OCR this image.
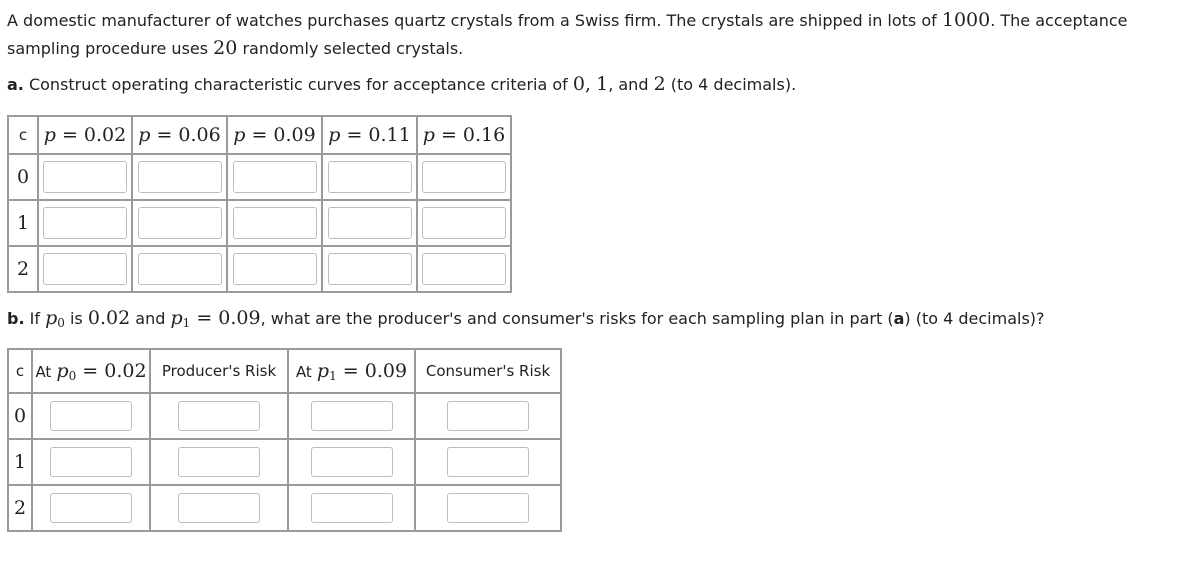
A domestic manufacturer of watches purchases quartz crystals from a Swiss firm. The crystals are shipped in lots of 1000. The acceptance
sampling procedure uses 20 randomly selected crystals.
a. Construct operating characteristic curves for acceptance criteria of 0, 1, and 2 (to 4 decimals).
c	p = 0.02	p = 0.06	p = 0.09	p = 0.11	p = 0.16
0	

1	

2	

b. If $p_0$ is 0.02 and $p_1 = 0.09$, what are the producer's and consumer's risks for each sampling plan in part (a) (to 4 decimals)?
c	At $p_0 = 0.02$	Producer's Risk	At $p_1 = 0.09$	Consumer's Risk
0	

1	

2	
